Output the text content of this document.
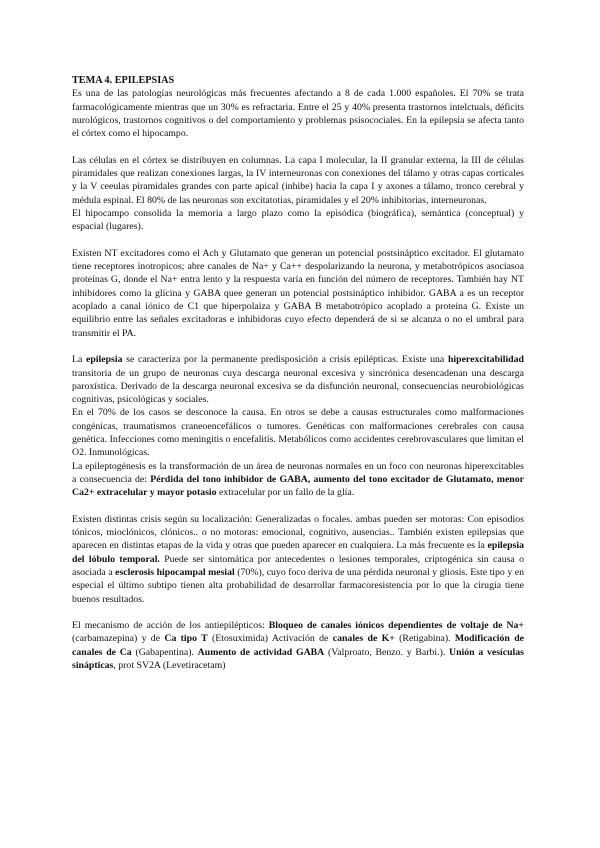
TEMA 4. EPILEPSIAS
Es una de las patologías neurológicas más frecuentes afectando a 8 de cada 1.000 españoles. El 70% se trata farmacológicamente mientras que un 30% es refractaria. Entre el 25 y 40% presenta trastornos intelctuals, déficits nurológicos, trastornos cognitivos o del comportamiento y problemas psisocociales. En la epilepsia se afecta tanto el córtex como el hipocampo.
Las células en el córtex se distribuyen en columnas. La capa I molecular, la II granular externa, la III de células piramidales que realizan conexiones largas, la IV interneuronas con conexiones del tálamo y otras capas corticales y la V ceeulas piramidales grandes con parte apical (inhibe) hacia la capa I y axones a tálamo, tronco cerebral y médula espinal. El 80% de las neuronas son excitatotias, piramidales y el 20% inhibitorias, interneuronas.
El hipocampo consolida la memoria a largo plazo como la episódica (biográfica), semántica (conceptual) y espacial (lugares).
Existen NT excitadores como el Ach y Glutamato que generan un potencial postsináptico excitador. El glutamato tiene receptores inotropicos; abre canales de Na+ y Ca++ despolarizando la neurona, y metabotrópicos asociasoa proteínas G, donde el Na+ entra lento y la respuesta varía en función del número de receptores. También hay NT inhibidores como la glicina y GABA quee generan un potencial postsináptico inhibidor. GABA a es un receptor acoplado a canal iónico de C1 que hiperpolaiza y GABA B metabotrópico acoplado a proteína G. Existe un equilibrio entre las señales excitadoras e inhibidoras cuyo efecto dependerá de si se alcanza o no el umbral para transmitir el PA.
La epilepsia se caracteriza por la permanente predisposición a crisis epilépticas. Existe una hiperexcitabilidad transitoria de un grupo de neuronas cuya descarga neuronal excesiva y sincrónica desencadenan una descarga paroxística. Derivado de la descarga neuronal excesiva se da disfunción neuronal, consecuencias neurobiológicas cognitivas, psicológicas y sociales.
En el 70% de los casos se desconoce la causa. En otros se debe a causas estructurales como malformaciones congénicas, traumatismos craneoencefálicos o tumores. Genéticas con malformaciones cerebrales con causa genética. Infecciones como meningitis o encefalitis. Metabólicos como accidentes cerebrovasculares que limitan el O2. Inmunológicas.
La epileptogénesis es la transformación de un área de neuronas normales en un foco con neuronas hiperexcitables a consecuencia de: Pérdida del tono inhibidor de GABA, aumento del tono excitador de Glutamato, menor Ca2+ extracelular y mayor potasio extracelular por un fallo de la glía.
Existen distintas crisis según su localización: Generalizadas o focales. ambas pueden ser motoras: Con episodios tónicos, mioclónicos, clónicos.. o no motoras: emocional, cognitivo, ausencias.. También existen epilepsias que aparecen en distintas etapas de la vida y otras que pueden aparecer en cualquiera. La más frecuente es la epilepsia del lóbulo temporal. Puede ser sintomática por antecedentes o lesiones temporales, criptogénica sin causa o asociada a esclerosis hipocampal mesial (70%), cuyo foco deriva de una pérdida neuronal y gliosis. Este tipo y en especial el último subtipo tienen alta probabilidad de desarrollar farmacoresistencia por lo que la cirugía tiene buenos resultados.
El mecanismo de acción de los antiepilépticos: Bloqueo de canales iónicos dependientes de voltaje de Na+ (carbamazepina) y de Ca tipo T (Etosuximida) Activación de canales de K+ (Retigabina). Modificación de canales de Ca (Gabapentina). Aumento de actividad GABA (Valproato, Benzo. y Barbi.). Unión a vesículas sinápticas, prot SV2A (Levetiracetam)
